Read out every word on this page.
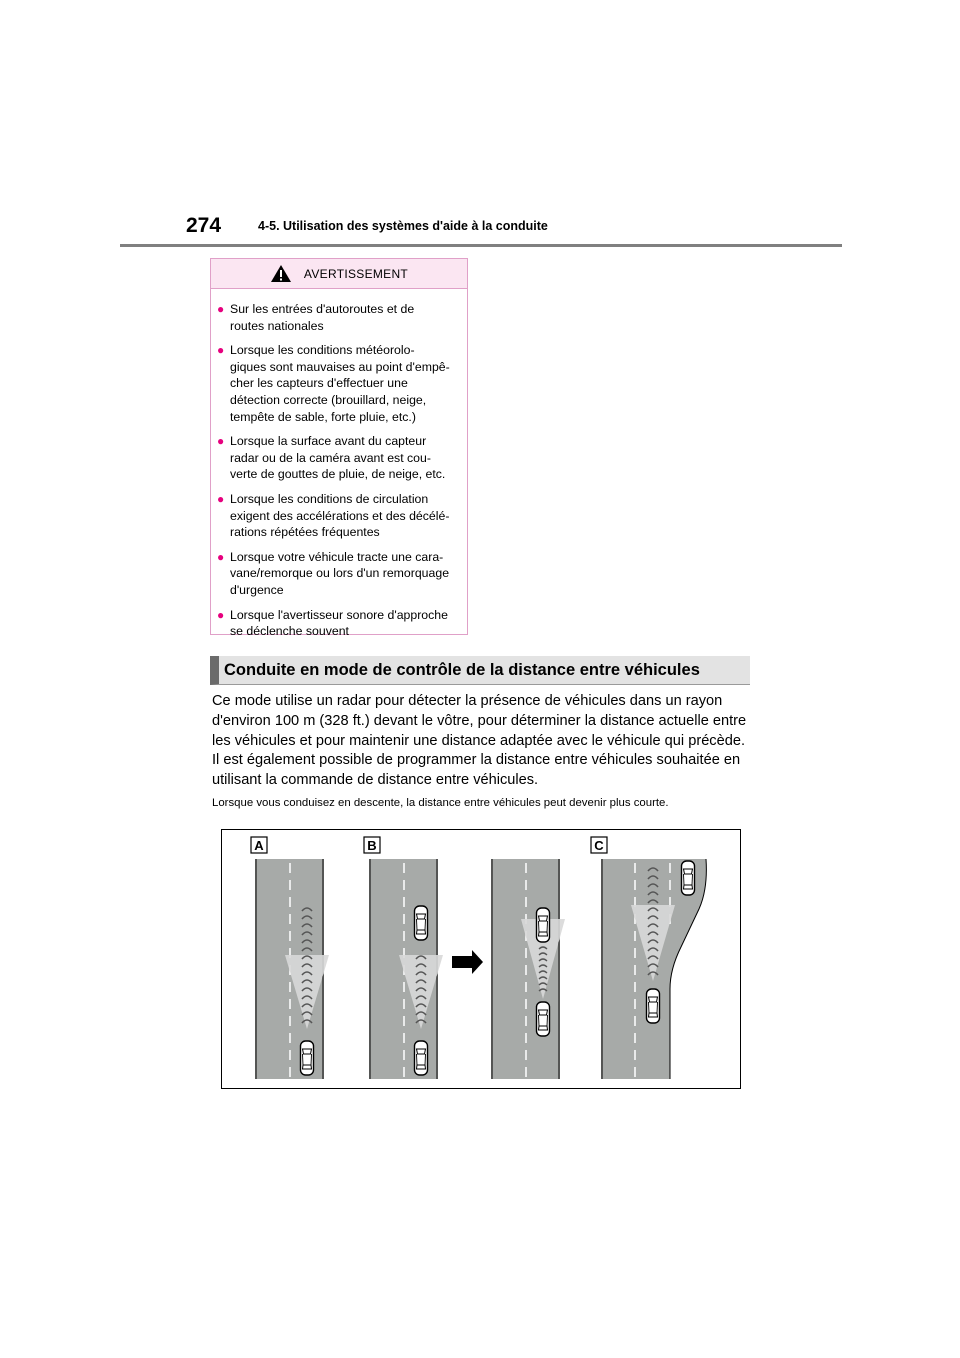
274	4-5. Utilisation des systèmes d'aide à la conduite
AVERTISSEMENT
● Sur les entrées d'autoroutes et de
routes nationales
● Lorsque les conditions météorolo-
giques sont mauvaises au point d'empê-
cher les capteurs d'effectuer une
détection correcte (brouillard, neige,
tempête de sable, forte pluie, etc.)
● Lorsque la surface avant du capteur
radar ou de la caméra avant est cou-
verte de gouttes de pluie, de neige, etc.
● Lorsque les conditions de circulation
exigent des accélérations et des décélé-
rations répétées fréquentes
● Lorsque votre véhicule tracte une cara-
vane/remorque ou lors d'un remorquage
d'urgence
● Lorsque l'avertisseur sonore d'approche
se déclenche souvent
Conduite en mode de contrôle de la distance entre véhicules
Ce mode utilise un radar pour détecter la présence de véhicules dans un rayon
d'environ 100 m (328 ft.) devant le vôtre, pour déterminer la distance actuelle entre
les véhicules et pour maintenir une distance adaptée avec le véhicule qui précède.
Il est également possible de programmer la distance entre véhicules souhaitée en
utilisant la commande de distance entre véhicules.
Lorsque vous conduisez en descente, la distance entre véhicules peut devenir plus courte.
A	B	C
